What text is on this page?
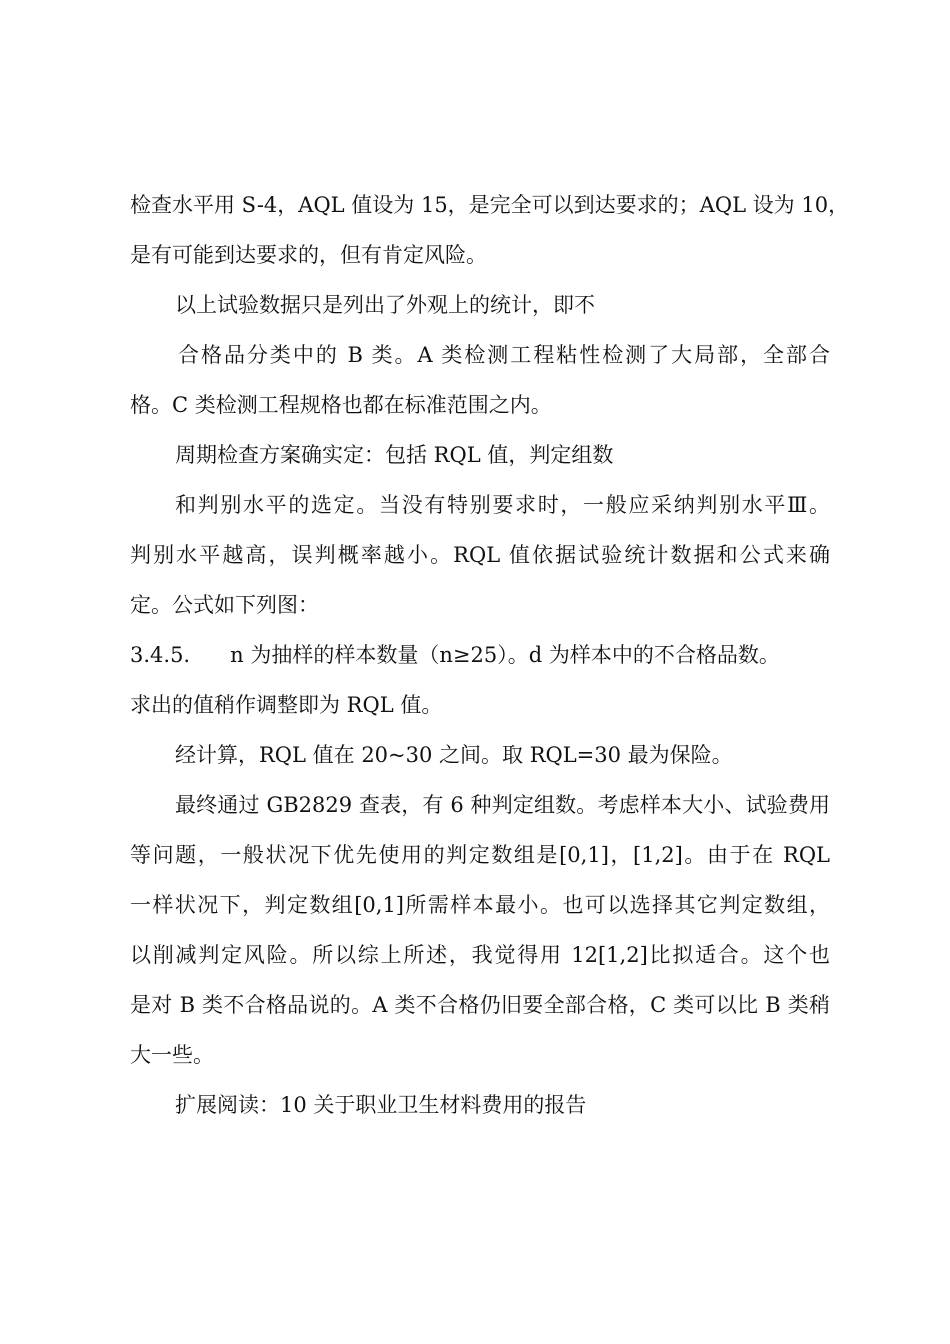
检查水平用 S-4，AQL 值设为 15，是完全可以到达要求的；AQL 设为 10，

是有可能到达要求的，但有肯定风险。

以上试验数据只是列出了外观上的统计，即不

合格品分类中的 B 类。A 类检测工程粘性检测了大局部，全部合

格。C 类检测工程规格也都在标准范围之内。

周期检查方案确实定：包括 RQL 值，判定组数

和判别水平的选定。当没有特别要求时，一般应采纳判别水平Ⅲ。

判别水平越高，误判概率越小。RQL 值依据试验统计数据和公式来确

定。公式如下列图：

3.4.5.      n 为抽样的样本数量（n≥25）。d 为样本中的不合格品数。

求出的值稍作调整即为 RQL 值。

经计算，RQL 值在 20~30 之间。取 RQL=30 最为保险。

最终通过 GB2829 查表，有 6 种判定组数。考虑样本大小、试验费用

等问题，一般状况下优先使用的判定数组是[0,1]，[1,2]。由于在 RQL

一样状况下，判定数组[0,1]所需样本最小。也可以选择其它判定数组，

以削减判定风险。所以综上所述，我觉得用 12[1,2]比拟适合。这个也

是对 B 类不合格品说的。A 类不合格仍旧要全部合格，C 类可以比 B 类稍

大一些。

扩展阅读：10 关于职业卫生材料费用的报告
